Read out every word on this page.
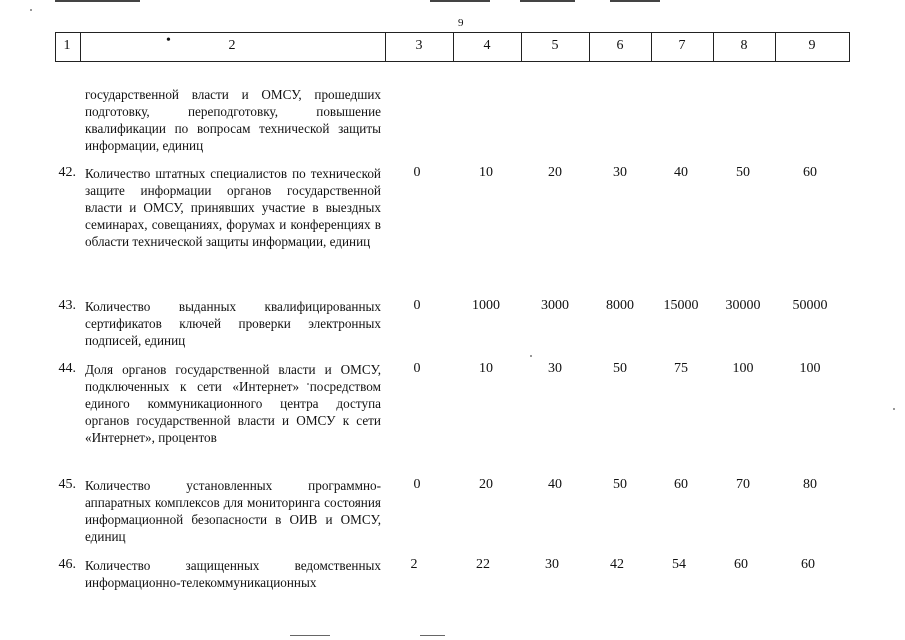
9
•
1	2	3	4	5	6	7	8	9
государственной власти и ОМСУ, прошедших подготовку, переподготовку, повышение квалификации по вопросам технической защиты информации, единиц
42. Количество штатных специалистов по технической защите информации органов государственной власти и ОМСУ, принявших участие в выездных семинарах, совещаниях, форумах и конференциях в области технической защиты информации, единиц
0	10	20	30	40	50	60
43. Количество выданных квалифицированных сертификатов ключей проверки электронных подписей, единиц
0	1000	3000	8000	15000	30000	50000
44. Доля органов государственной власти и ОМСУ, подключенных к сети «Интернет» посредством единого коммуникационного центра доступа органов государственной власти и ОМСУ к сети «Интернет», процентов
0	10	30	50	75	100	100
45. Количество установленных программно-аппаратных комплексов для мониторинга состояния информационной безопасности в ОИВ и ОМСУ, единиц
0	20	40	50	60	70	80
46. Количество защищенных ведомственных информационно-телекоммуникационных
2	22	30	42	54	60	60
